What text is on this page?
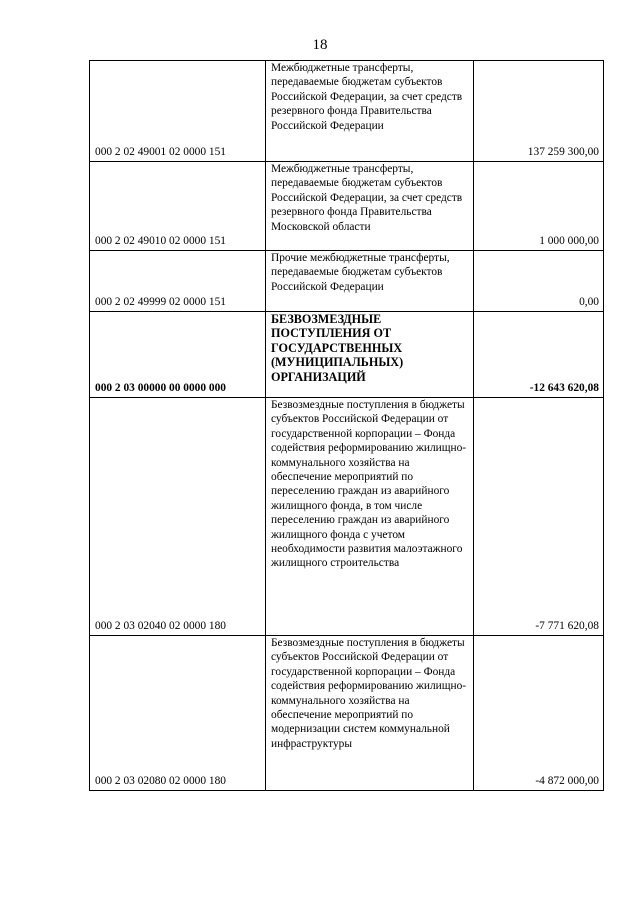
18
000 2 02 49001 02 0000 151	Межбюджетные трансферты, передаваемые бюджетам субъектов Российской Федерации, за счет средств резервного фонда Правительства Российской Федерации	137 259 300,00
000 2 02 49010 02 0000 151	Межбюджетные трансферты, передаваемые бюджетам субъектов Российской Федерации, за счет средств резервного фонда Правительства Московской области	1 000 000,00
000 2 02 49999 02 0000 151	Прочие межбюджетные трансферты, передаваемые бюджетам субъектов Российской Федерации	0,00
000 2 03 00000 00 0000 000	БЕЗВОЗМЕЗДНЫЕ ПОСТУПЛЕНИЯ ОТ ГОСУДАРСТВЕННЫХ (МУНИЦИПАЛЬНЫХ) ОРГАНИЗАЦИЙ	-12 643 620,08
000 2 03 02040 02 0000 180	Безвозмездные поступления в бюджеты субъектов Российской Федерации от государственной корпорации – Фонда содействия реформированию жилищно-коммунального хозяйства на обеспечение мероприятий по переселению граждан из аварийного жилищного фонда, в том числе переселению граждан из аварийного жилищного фонда с учетом необходимости развития малоэтажного жилищного строительства	-7 771 620,08
000 2 03 02080 02 0000 180	Безвозмездные поступления в бюджеты субъектов Российской Федерации от государственной корпорации – Фонда содействия реформированию жилищно-коммунального хозяйства на обеспечение мероприятий по модернизации систем коммунальной инфраструктуры	-4 872 000,00
